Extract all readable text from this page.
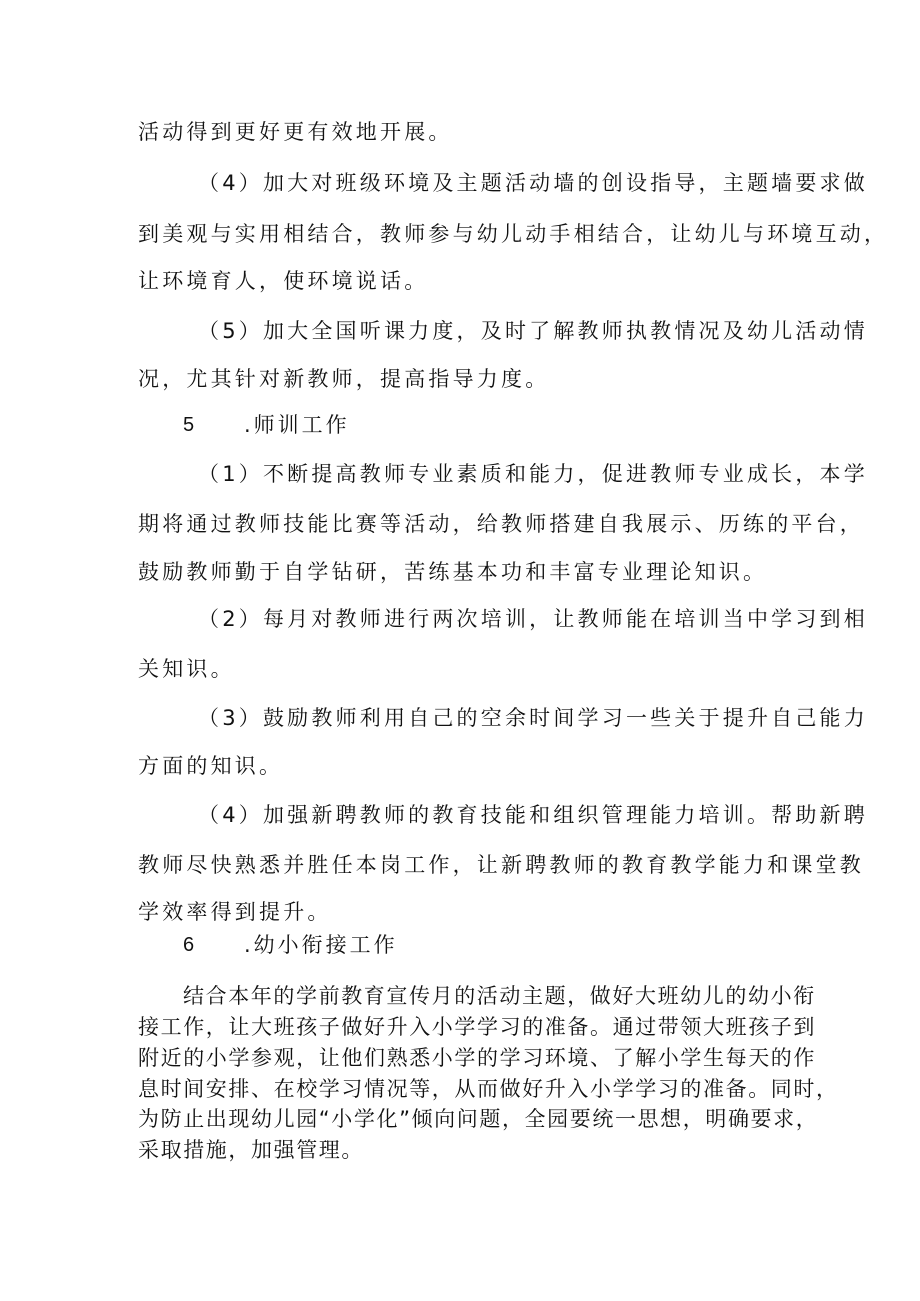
活动得到更好更有效地开展。
（4）加大对班级环境及主题活动墙的创设指导，主题墙要求做
到美观与实用相结合，教师参与幼儿动手相结合，让幼儿与环境互动，
让环境育人，使环境说话。
（5）加大全国听课力度，及时了解教师执教情况及幼儿活动情
况，尤其针对新教师，提高指导力度。
5 .师训工作
（1）不断提高教师专业素质和能力，促进教师专业成长，本学
期将通过教师技能比赛等活动，给教师搭建自我展示、历练的平台，
鼓励教师勤于自学钻研，苦练基本功和丰富专业理论知识。
（2）每月对教师进行两次培训，让教师能在培训当中学习到相
关知识。
（3）鼓励教师利用自己的空余时间学习一些关于提升自己能力
方面的知识。
（4）加强新聘教师的教育技能和组织管理能力培训。帮助新聘
教师尽快熟悉并胜任本岗工作，让新聘教师的教育教学能力和课堂教
学效率得到提升。
6 .幼小衔接工作
结合本年的学前教育宣传月的活动主题，做好大班幼儿的幼小衔
接工作，让大班孩子做好升入小学学习的准备。通过带领大班孩子到
附近的小学参观，让他们熟悉小学的学习环境、了解小学生每天的作
息时间安排、在校学习情况等，从而做好升入小学学习的准备。同时，
为防止出现幼儿园“小学化”倾向问题，全园要统一思想，明确要求，
采取措施，加强管理。
